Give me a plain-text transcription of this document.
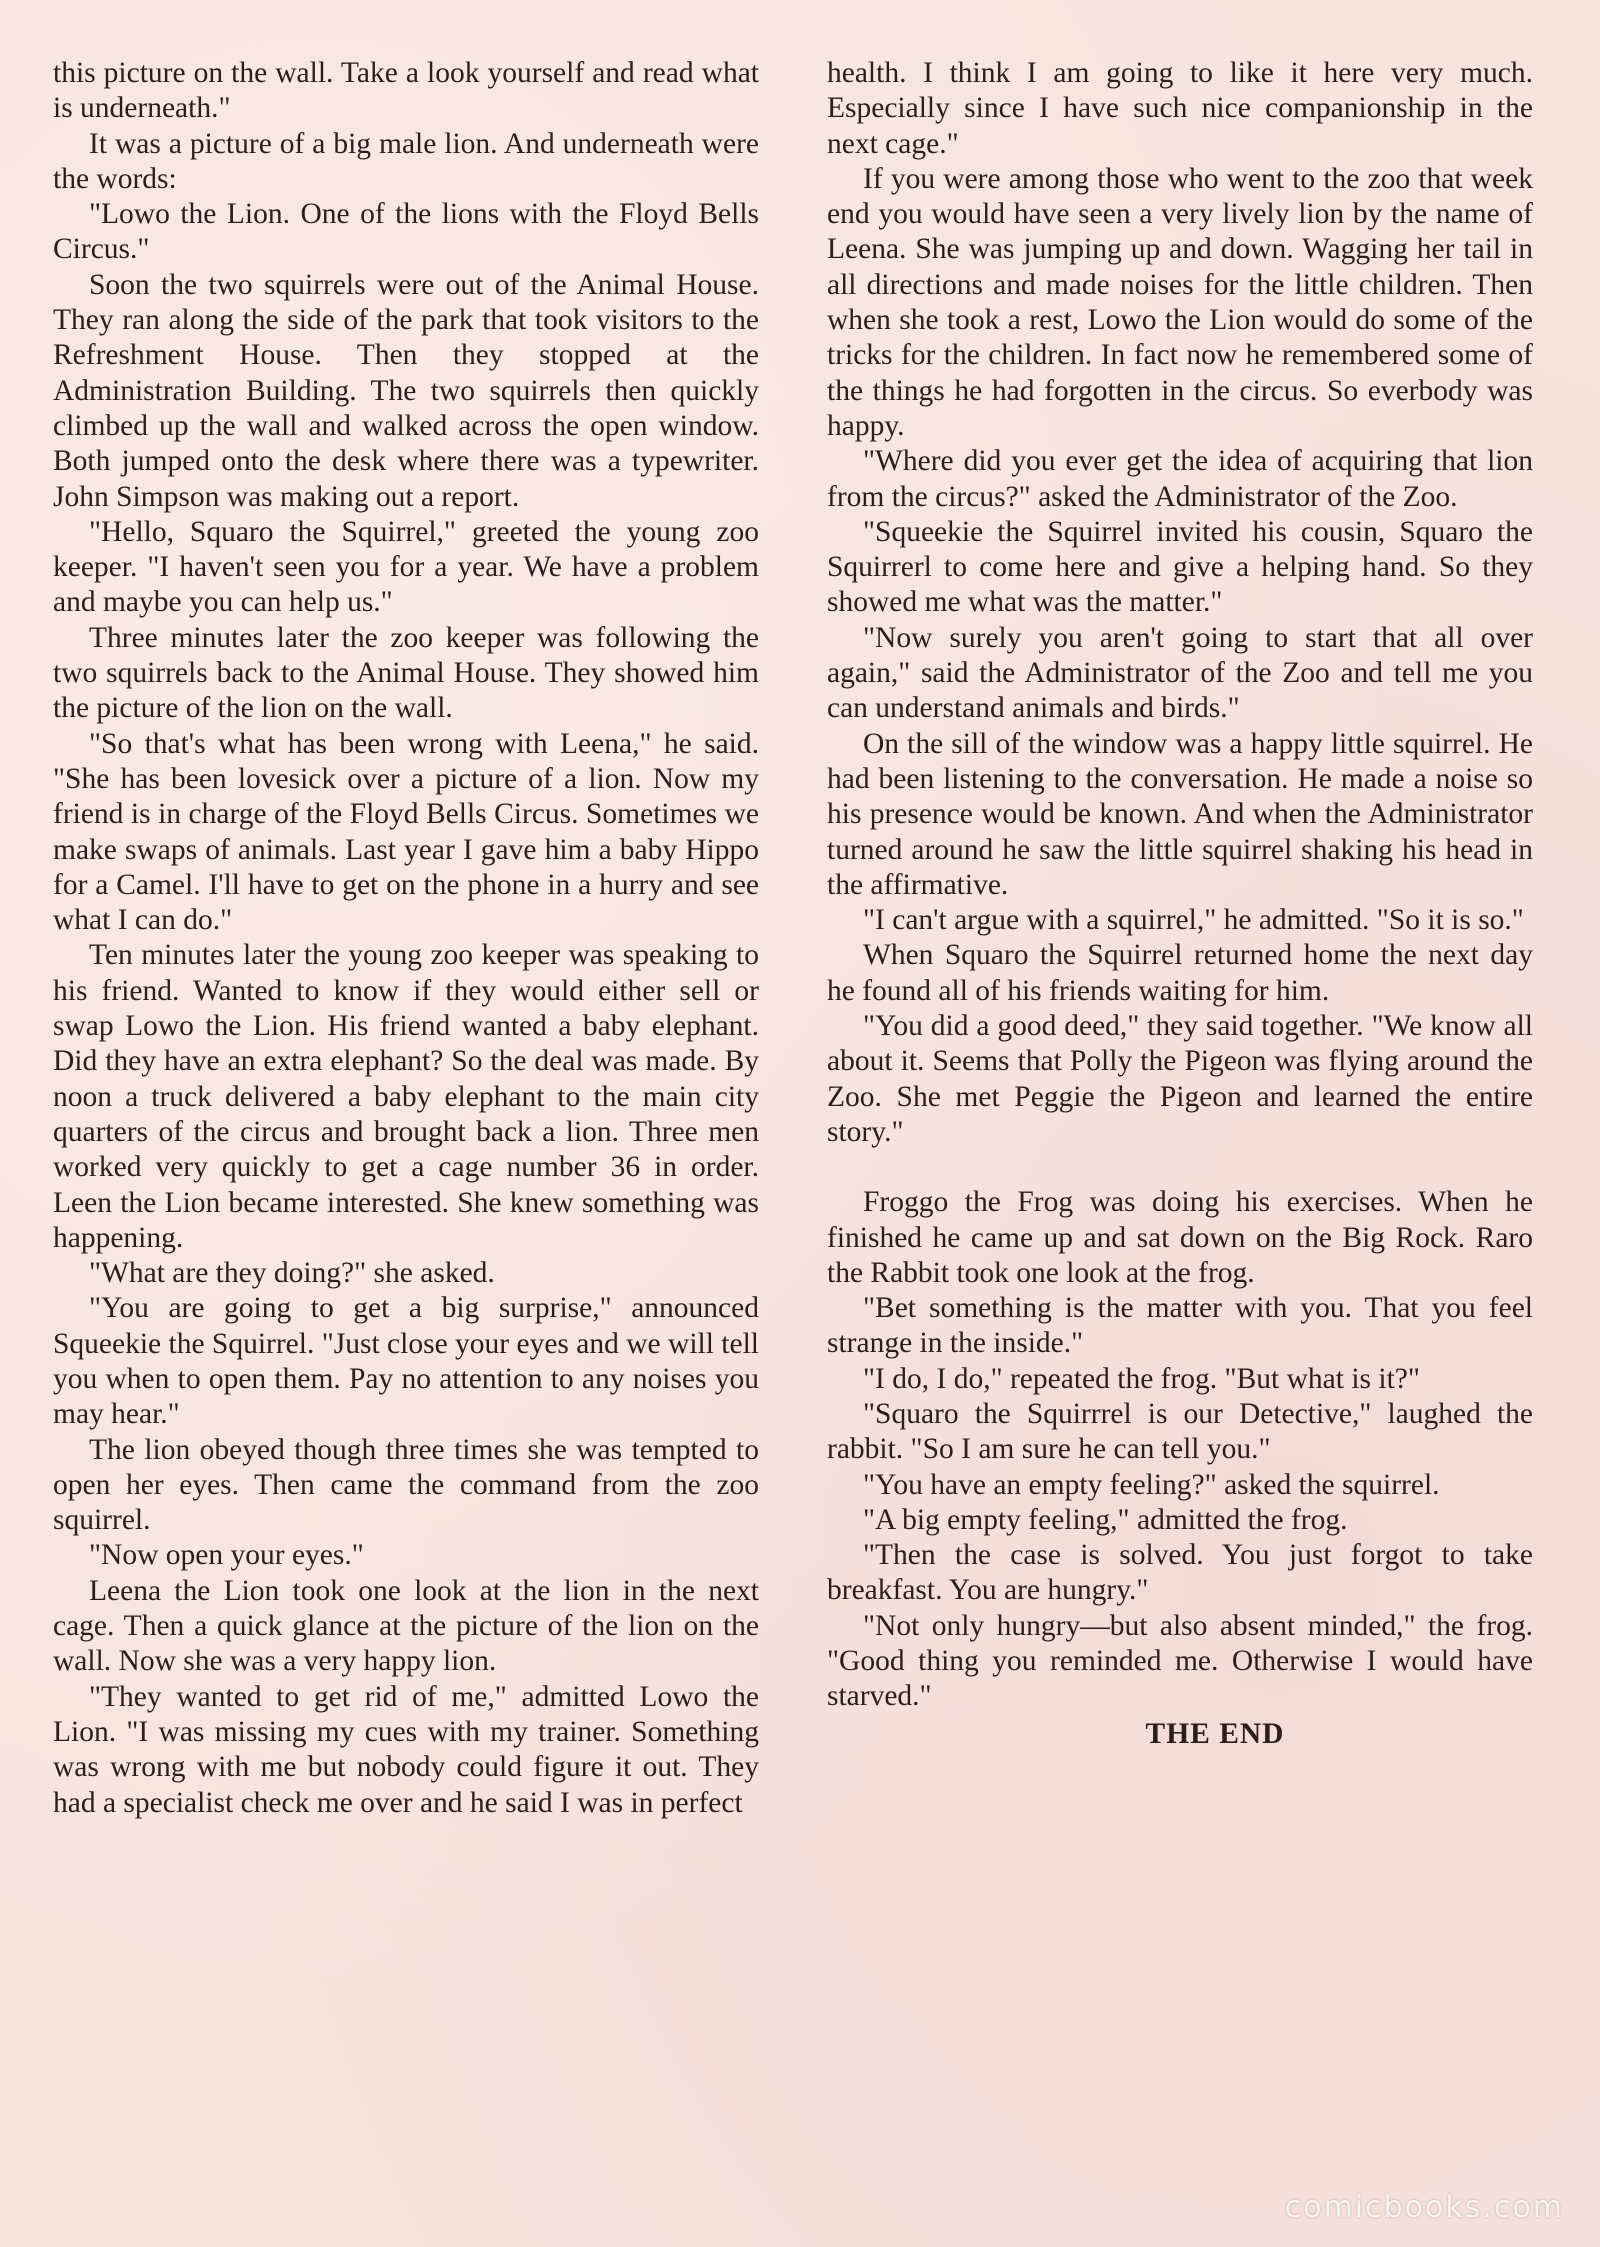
this picture on the wall. Take a look yourself and read what is underneath."

It was a picture of a big male lion. And underneath were the words:

"Lowo the Lion. One of the lions with the Floyd Bells Circus."

Soon the two squirrels were out of the Animal House. They ran along the side of the park that took visitors to the Refreshment House. Then they stopped at the Administration Building. The two squirrels then quickly climbed up the wall and walked across the open window. Both jumped onto the desk where there was a typewriter. John Simpson was making out a report.

"Hello, Squaro the Squirrel," greeted the young zoo keeper. "I haven't seen you for a year. We have a problem and maybe you can help us."

Three minutes later the zoo keeper was following the two squirrels back to the Animal House. They showed him the picture of the lion on the wall.

"So that's what has been wrong with Leena," he said. "She has been lovesick over a picture of a lion. Now my friend is in charge of the Floyd Bells Circus. Sometimes we make swaps of animals. Last year I gave him a baby Hippo for a Camel. I'll have to get on the phone in a hurry and see what I can do."

Ten minutes later the young zoo keeper was speaking to his friend. Wanted to know if they would either sell or swap Lowo the Lion. His friend wanted a baby elephant. Did they have an extra elephant? So the deal was made. By noon a truck delivered a baby elephant to the main city quarters of the circus and brought back a lion. Three men worked very quickly to get a cage number 36 in order. Leen the Lion became interested. She knew something was happening.

"What are they doing?" she asked.

"You are going to get a big surprise," announced Squeekie the Squirrel. "Just close your eyes and we will tell you when to open them. Pay no attention to any noises you may hear."

The lion obeyed though three times she was tempted to open her eyes. Then came the command from the zoo squirrel.

"Now open your eyes."

Leena the Lion took one look at the lion in the next cage. Then a quick glance at the picture of the lion on the wall. Now she was a very happy lion.

"They wanted to get rid of me," admitted Lowo the Lion. "I was missing my cues with my trainer. Something was wrong with me but nobody could figure it out. They had a specialist check me over and he said I was in perfect

health. I think I am going to like it here very much. Especially since I have such nice companionship in the next cage."

If you were among those who went to the zoo that week end you would have seen a very lively lion by the name of Leena. She was jumping up and down. Wagging her tail in all directions and made noises for the little children. Then when she took a rest, Lowo the Lion would do some of the tricks for the children. In fact now he remembered some of the things he had forgotten in the circus. So everbody was happy.

"Where did you ever get the idea of acquiring that lion from the circus?" asked the Administrator of the Zoo.

"Squeekie the Squirrel invited his cousin, Squaro the Squirrerl to come here and give a helping hand. So they showed me what was the matter."

"Now surely you aren't going to start that all over again," said the Administrator of the Zoo and tell me you can understand animals and birds."

On the sill of the window was a happy little squirrel. He had been listening to the conversation. He made a noise so his presence would be known. And when the Administrator turned around he saw the little squirrel shaking his head in the affirmative.

"I can't argue with a squirrel," he admitted. "So it is so."

When Squaro the Squirrel returned home the next day he found all of his friends waiting for him.

"You did a good deed," they said together. "We know all about it. Seems that Polly the Pigeon was flying around the Zoo. She met Peggie the Pigeon and learned the entire story."

Froggo the Frog was doing his exercises. When he finished he came up and sat down on the Big Rock. Raro the Rabbit took one look at the frog.

"Bet something is the matter with you. That you feel strange in the inside."

"I do, I do," repeated the frog. "But what is it?"

"Squaro the Squirrrel is our Detective," laughed the rabbit. "So I am sure he can tell you."

"You have an empty feeling?" asked the squirrel.

"A big empty feeling," admitted the frog.

"Then the case is solved. You just forgot to take breakfast. You are hungry."

"Not only hungry—but also absent minded," the frog. "Good thing you reminded me. Otherwise I would have starved."

THE END
comicbooks.com
